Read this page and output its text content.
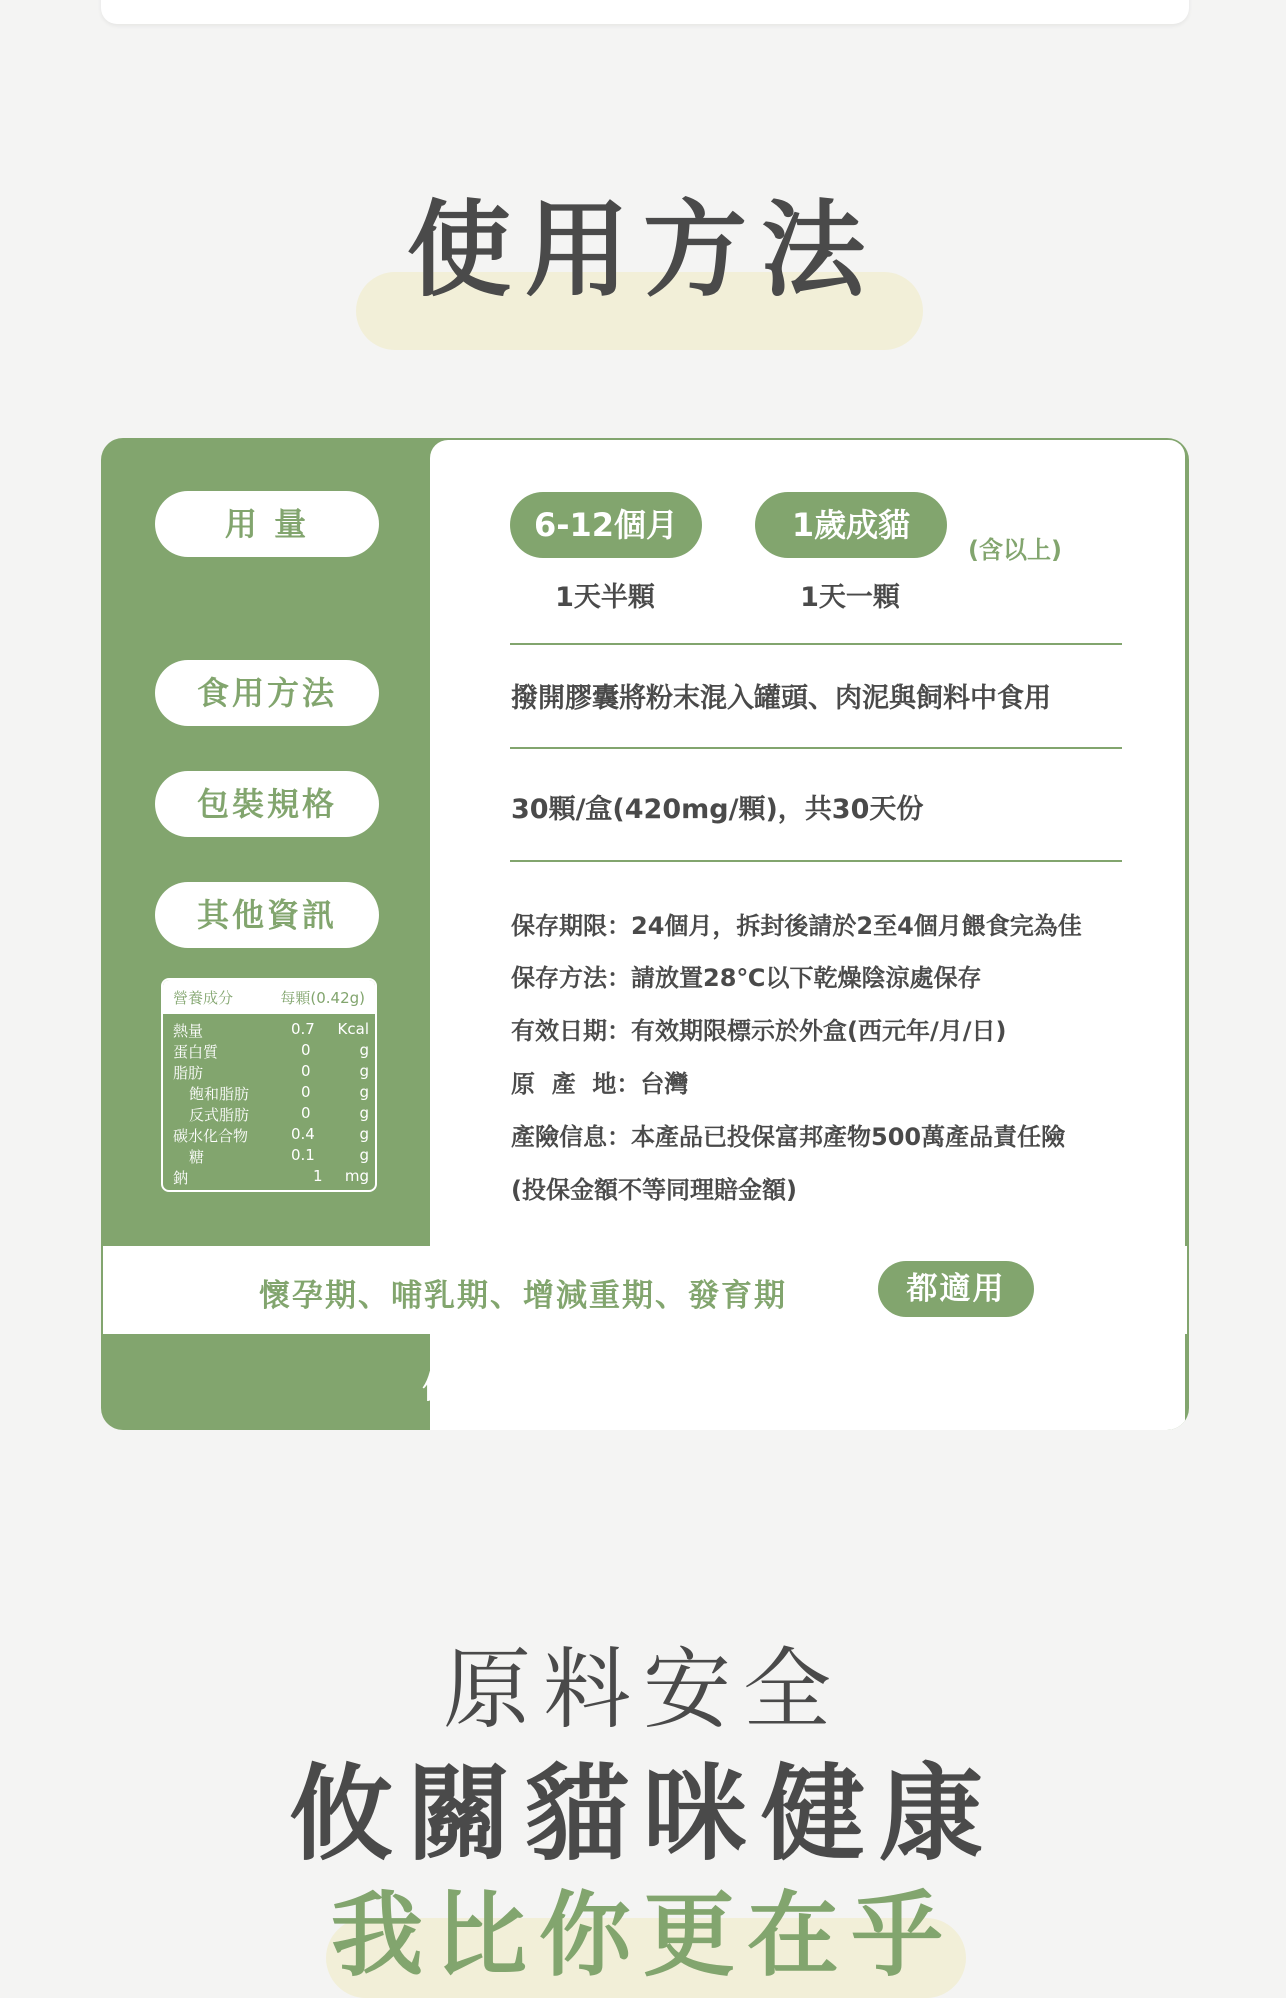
使用方法
用 量
食用方法
包裝規格
其他資訊
營養成分	每顆(0.42g)
熱量	0.7 Kcal
蛋白質	0	g
脂肪	0	g
飽和脂肪	0	g
反式脂肪	0	g
碳水化合物	0.4	g
糖	0.1	g
鈉	1 mg
6-12個月	1歲成貓
(含以上)
1天半顆	1天一顆
撥開膠囊將粉末混入罐頭、肉泥與飼料中食用
30顆/盒(420mg/顆)，共30天份
保存期限：24個月，拆封後請於2至4個月餵食完為佳
保存方法：請放置28℃以下乾燥陰涼處保存
有效日期：有效期限標示於外盒(西元年/月/日)
原  產  地：台灣
產險信息：本產品已投保富邦產物500萬產品責任險
(投保金額不等同理賠金額)
懷孕期、哺乳期、增減重期、發育期	都適用
低於6個月  請詢問獸醫師意見
原料安全
攸關貓咪健康
我比你更在乎
